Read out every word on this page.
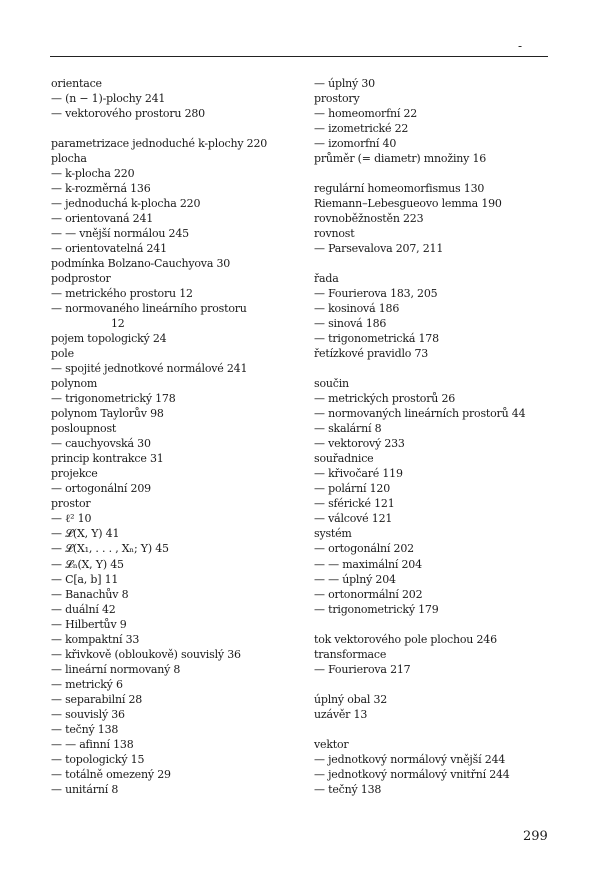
-
orientace
— (n − 1)-plochy 241
— vektorového prostoru 280
parametrizace jednoduché k-plochy 220
plocha
— k-plocha 220
— k-rozměrná 136
— jednoduchá k-plocha 220
— orientovaná 241
— — vnější normálou 245
— orientovatelná 241
podmínka Bolzano-Cauchyova 30
podprostor
— metrického prostoru 12
— normovaného lineárního prostoru
12
pojem topologický 24
pole
— spojité jednotkové normálové 241
polynom
— trigonometrický 178
polynom Taylorův 98
posloupnost
— cauchyovská 30
princip kontrakce 31
projekce
— ortogonální 209
prostor
— ℓ² 10
— 𝓛(X, Y) 41
— 𝓛(X₁, . . . , Xₙ; Y) 45
— 𝓛ₙ(X, Y) 45
— C[a, b] 11
— Banachův 8
— duální 42
— Hilbertův 9
— kompaktní 33
— křivkově (obloukově) souvislý 36
— lineární normovaný 8
— metrický 6
— separabilní 28
— souvislý 36
— tečný 138
— — afinní 138
— topologický 15
— totálně omezený 29
— unitární 8
— úplný 30
prostory
— homeomorfní 22
— izometrické 22
— izomorfní 40
průměr (= diametr) množiny 16
regulární homeomorfismus 130
Riemann–Lebesgueovo lemma 190
rovnoběžnostěn 223
rovnost
— Parsevalova 207, 211
řada
— Fourierova 183, 205
— kosinová 186
— sinová 186
— trigonometrická 178
řetízkové pravidlo 73
součin
— metrických prostorů 26
— normovaných lineárních prostorů 44
— skalární 8
— vektorový 233
souřadnice
— křivočaré 119
— polární 120
— sférické 121
— válcové 121
systém
— ortogonální 202
— — maximální 204
— — úplný 204
— ortonormální 202
— trigonometrický 179
tok vektorového pole plochou 246
transformace
— Fourierova 217
úplný obal 32
uzávěr 13
vektor
— jednotkový normálový vnější 244
— jednotkový normálový vnitřní 244
— tečný 138
299
